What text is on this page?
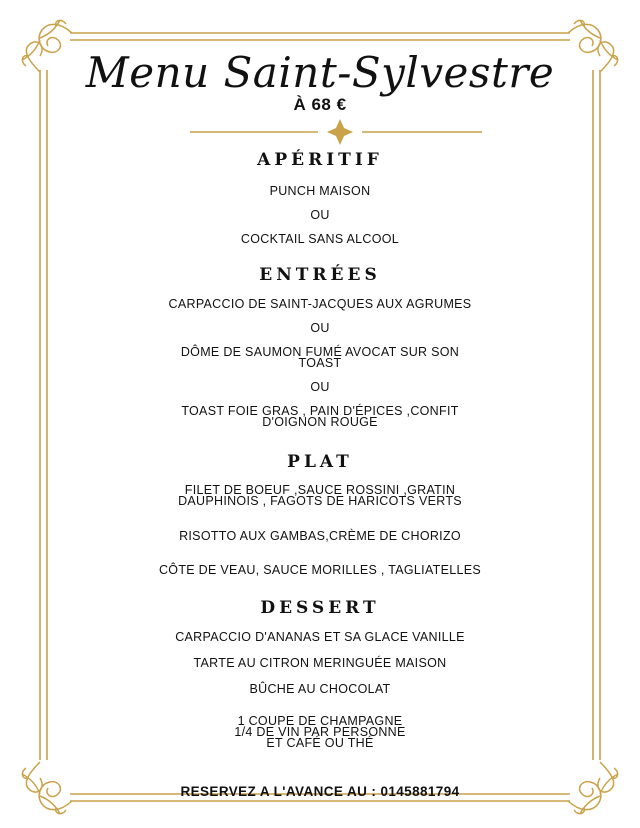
Menu Saint-Sylvestre
À 68 €
APÉRITIF
PUNCH MAISON
OU
COCKTAIL SANS ALCOOL
ENTRÉES
CARPACCIO DE SAINT-JACQUES AUX AGRUMES
OU
DÔME DE SAUMON FUMÉ AVOCAT SUR SON
TOAST
OU
TOAST FOIE GRAS , PAIN D'ÉPICES ,CONFIT
D'OIGNON ROUGE
PLAT
FILET DE BOEUF ,SAUCE ROSSINI ,GRATIN
DAUPHINOIS , FAGOTS DE HARICOTS VERTS
RISOTTO AUX GAMBAS,CRÈME DE CHORIZO
CÔTE DE VEAU, SAUCE MORILLES , TAGLIATELLES
DESSERT
CARPACCIO D'ANANAS ET SA GLACE VANILLE
TARTE AU CITRON MERINGUÉE MAISON
BÛCHE AU CHOCOLAT
1 COUPE DE CHAMPAGNE
1/4 DE VIN PAR PERSONNE
ET CAFÉ OU THÉ
RESERVEZ A L'AVANCE AU : 0145881794
